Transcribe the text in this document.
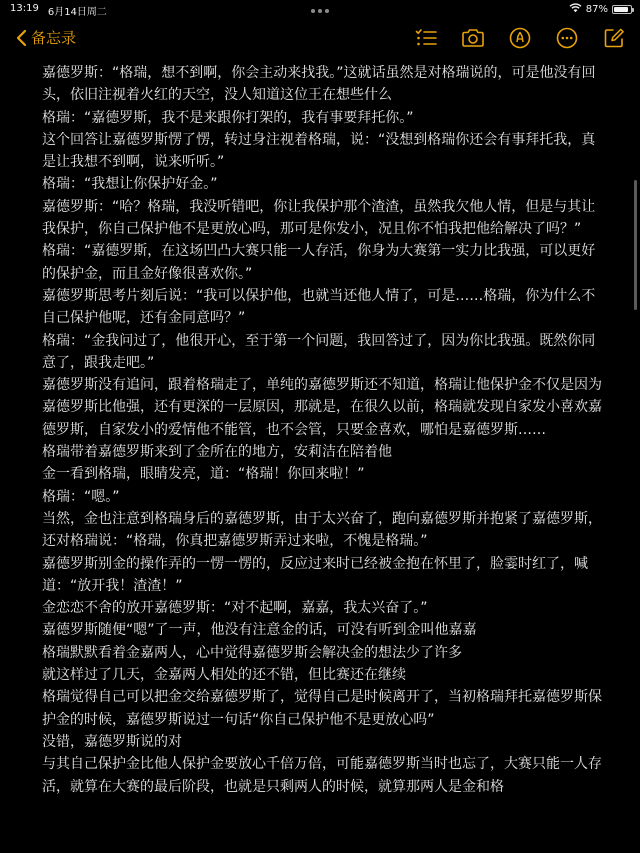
13:19 6月14日周二	87%
备忘录

嘉德罗斯：“格瑞，想不到啊，你会主动来找我。”这就话虽然是对格瑞说的，可是他没有回头，依旧注视着火红的天空，没人知道这位王在想些什么

格瑞：“嘉德罗斯，我不是来跟你打架的，我有事要拜托你。”

这个回答让嘉德罗斯愣了愣，转过身注视着格瑞，说：“没想到格瑞你还会有事拜托我，真是让我想不到啊，说来听听。”

格瑞：“我想让你保护好金。”

嘉德罗斯：“哈？格瑞，我没听错吧，你让我保护那个渣渣，虽然我欠他人情，但是与其让我保护，你自己保护他不是更放心吗，那可是你发小，况且你不怕我把他给解决了吗？”

格瑞：“嘉德罗斯，在这场凹凸大赛只能一人存活，你身为大赛第一实力比我强，可以更好的保护金，而且金好像很喜欢你。”

嘉德罗斯思考片刻后说：“我可以保护他，也就当还他人情了，可是……格瑞，你为什么不自己保护他呢，还有金同意吗？”

格瑞：“金我问过了，他很开心，至于第一个问题，我回答过了，因为你比我强。既然你同意了，跟我走吧。”

嘉德罗斯没有追问，跟着格瑞走了，单纯的嘉德罗斯还不知道，格瑞让他保护金不仅是因为嘉德罗斯比他强，还有更深的一层原因，那就是，在很久以前，格瑞就发现自家发小喜欢嘉德罗斯，自家发小的爱情他不能管，也不会管，只要金喜欢，哪怕是嘉德罗斯……

格瑞带着嘉德罗斯来到了金所在的地方，安莉洁在陪着他

金一看到格瑞，眼睛发亮，道：“格瑞！你回来啦！”

格瑞：“嗯。”

当然，金也注意到格瑞身后的嘉德罗斯，由于太兴奋了，跑向嘉德罗斯并抱紧了嘉德罗斯，还对格瑞说：“格瑞，你真把嘉德罗斯弄过来啦，不愧是格瑞。”

嘉德罗斯别金的操作弄的一愣一愣的，反应过来时已经被金抱在怀里了，脸霎时红了，喊道：“放开我！渣渣！”

金恋恋不舍的放开嘉德罗斯：“对不起啊，嘉嘉，我太兴奋了。”

嘉德罗斯随便“嗯”了一声，他没有注意金的话，可没有听到金叫他嘉嘉

格瑞默默看着金嘉两人，心中觉得嘉德罗斯会解决金的想法少了许多

就这样过了几天，金嘉两人相处的还不错，但比赛还在继续

格瑞觉得自己可以把金交给嘉德罗斯了，觉得自己是时候离开了，当初格瑞拜托嘉德罗斯保护金的时候，嘉德罗斯说过一句话“你自己保护他不是更放心吗”

没错，嘉德罗斯说的对

与其自己保护金比他人保护金要放心千倍万倍，可能嘉德罗斯当时也忘了，大赛只能一人存活，就算在大赛的最后阶段，也就是只剩两人的时候，就算那两人是金和格
